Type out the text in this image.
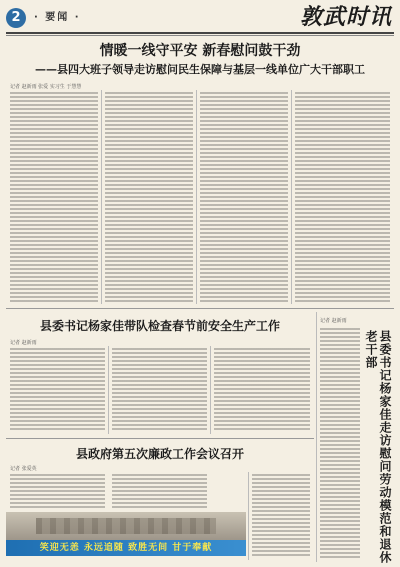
2	· 要闻 ·	敦武时讯
情暖一线守平安 新春慰问鼓干劲
——县四大班子领导走访慰问民生保障与基层一线单位广大干部职工
记者 赵新雨 张爱 实习生 于慧慧
县委书记杨家佳带队检查春节前安全生产工作
记者 赵新雨
县政府第五次廉政工作会议召开
记者 张爱英
记者 赵新雨
县委书记杨家佳走访慰问劳动模范和退休老干部
笑迎无恙 永远追随 致胜无间 甘于奉献
